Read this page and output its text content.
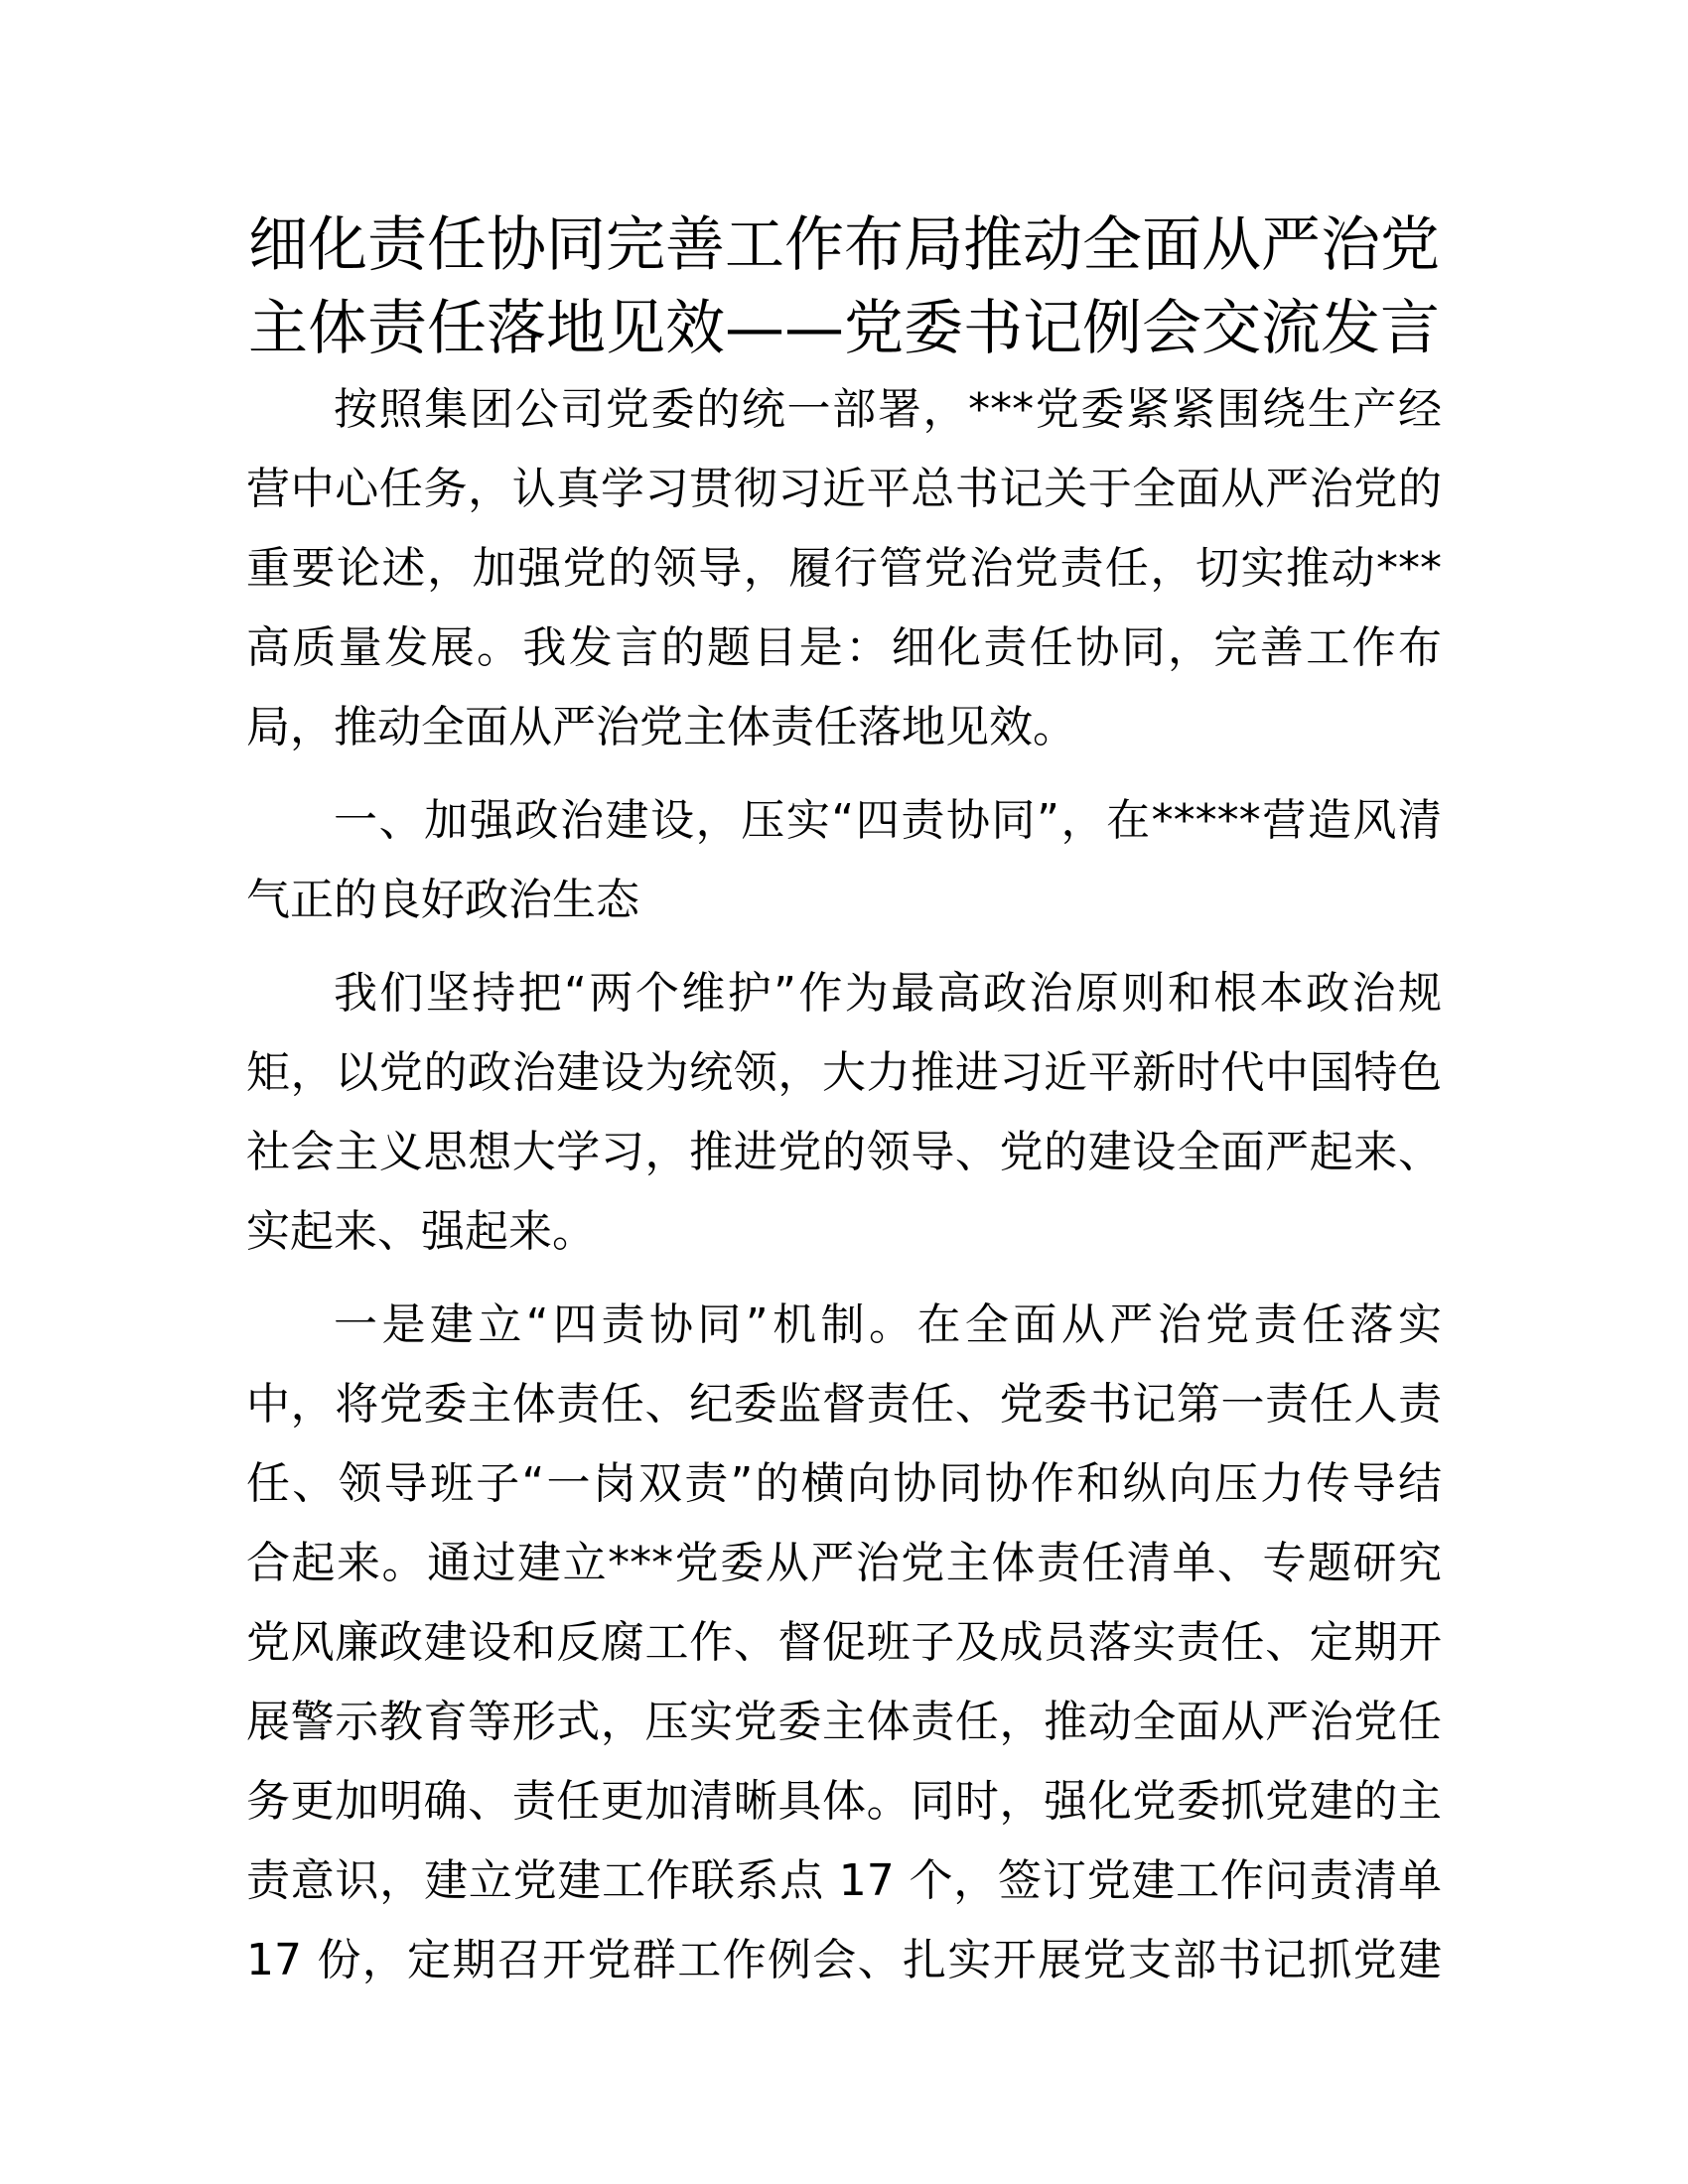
细化责任协同完善工作布局推动全面从严治党
主体责任落地见效——党委书记例会交流发言

按照集团公司党委的统一部署，***党委紧紧围绕生产经
营中心任务，认真学习贯彻习近平总书记关于全面从严治党的
重要论述，加强党的领导，履行管党治党责任，切实推动***
高质量发展。我发言的题目是：细化责任协同，完善工作布
局，推动全面从严治党主体责任落地见效。

一、加强政治建设，压实“四责协同”，在*****营造风清
气正的良好政治生态

我们坚持把“两个维护”作为最高政治原则和根本政治规
矩，以党的政治建设为统领，大力推进习近平新时代中国特色
社会主义思想大学习，推进党的领导、党的建设全面严起来、
实起来、强起来。

一是建立“四责协同”机制。在全面从严治党责任落实
中，将党委主体责任、纪委监督责任、党委书记第一责任人责
任、领导班子“一岗双责”的横向协同协作和纵向压力传导结
合起来。通过建立***党委从严治党主体责任清单、专题研究
党风廉政建设和反腐工作、督促班子及成员落实责任、定期开
展警示教育等形式，压实党委主体责任，推动全面从严治党任
务更加明确、责任更加清晰具体。同时，强化党委抓党建的主
责意识，建立党建工作联系点 17 个，签订党建工作问责清单
17 份，定期召开党群工作例会、扎实开展党支部书记抓党建
